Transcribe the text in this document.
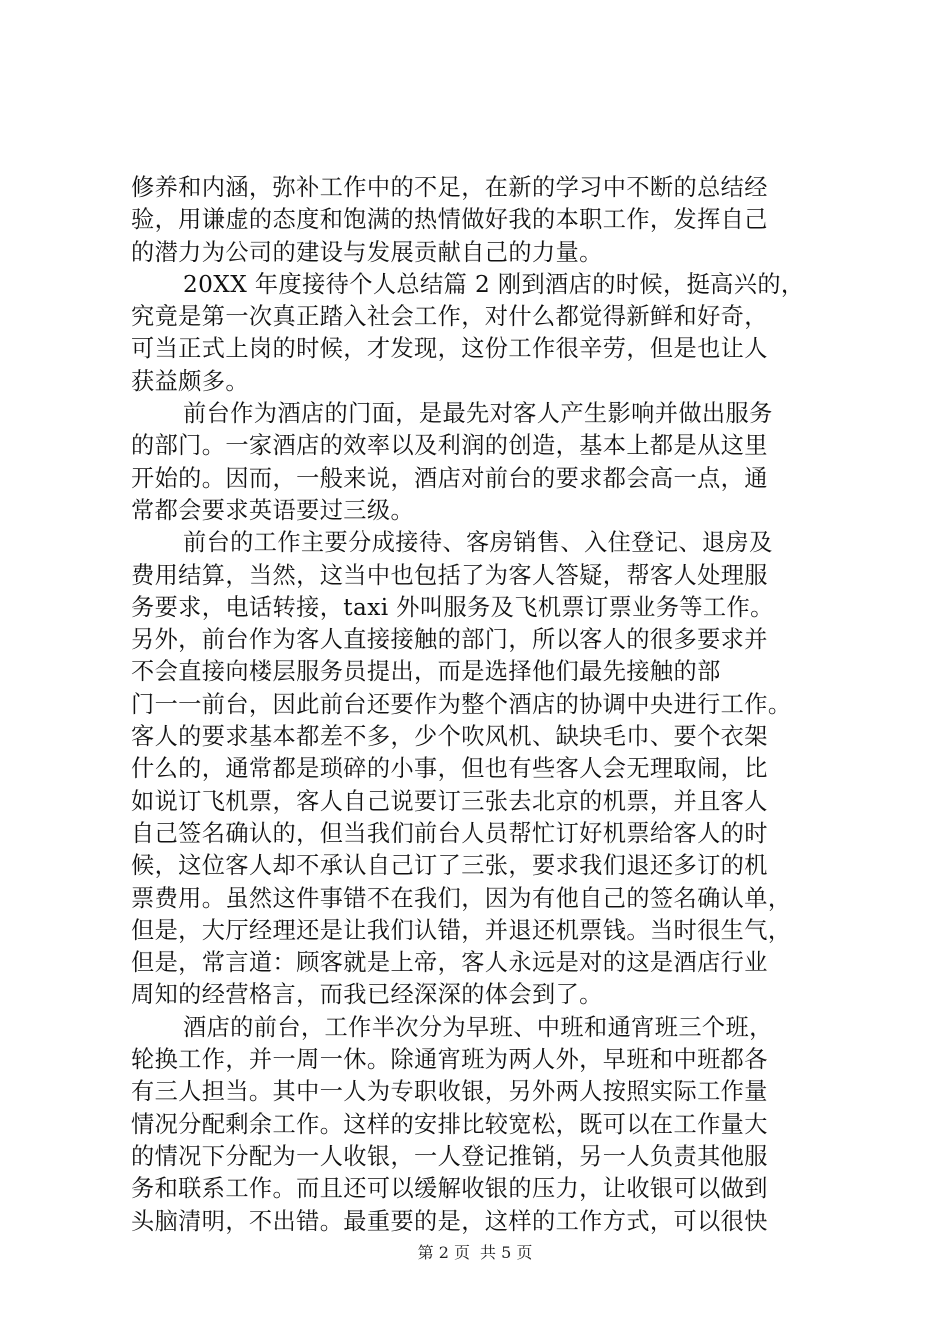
修养和内涵，弥补工作中的不足，在新的学习中不断的总结经
验，用谦虚的态度和饱满的热情做好我的本职工作，发挥自己
的潜力为公司的建设与发展贡献自己的力量。
20XX 年度接待个人总结篇 2 刚到酒店的时候，挺高兴的，
究竟是第一次真正踏入社会工作，对什么都觉得新鲜和好奇，
可当正式上岗的时候，才发现，这份工作很辛劳，但是也让人
获益颇多。
前台作为酒店的门面，是最先对客人产生影响并做出服务
的部门。一家酒店的效率以及利润的创造，基本上都是从这里
开始的。因而，一般来说，酒店对前台的要求都会高一点，通
常都会要求英语要过三级。
前台的工作主要分成接待、客房销售、入住登记、退房及
费用结算，当然，这当中也包括了为客人答疑，帮客人处理服
务要求，电话转接，taxi 外叫服务及飞机票订票业务等工作。
另外，前台作为客人直接接触的部门，所以客人的很多要求并
不会直接向楼层服务员提出，而是选择他们最先接触的部
门一一前台，因此前台还要作为整个酒店的协调中央进行工作。
客人的要求基本都差不多，少个吹风机、缺块毛巾、要个衣架
什么的，通常都是琐碎的小事，但也有些客人会无理取闹，比
如说订飞机票，客人自己说要订三张去北京的机票，并且客人
自己签名确认的，但当我们前台人员帮忙订好机票给客人的时
候，这位客人却不承认自己订了三张，要求我们退还多订的机
票费用。虽然这件事错不在我们，因为有他自己的签名确认单，
但是，大厅经理还是让我们认错，并退还机票钱。当时很生气，
但是，常言道：顾客就是上帝，客人永远是对的这是酒店行业
周知的经营格言，而我已经深深的体会到了。
酒店的前台，工作半次分为早班、中班和通宵班三个班，
轮换工作，并一周一休。除通宵班为两人外，早班和中班都各
有三人担当。其中一人为专职收银，另外两人按照实际工作量
情况分配剩余工作。这样的安排比较宽松，既可以在工作量大
的情况下分配为一人收银，一人登记推销，另一人负责其他服
务和联系工作。而且还可以缓解收银的压力，让收银可以做到
头脑清明，不出错。最重要的是，这样的工作方式，可以很快
第 2 页 共 5 页
